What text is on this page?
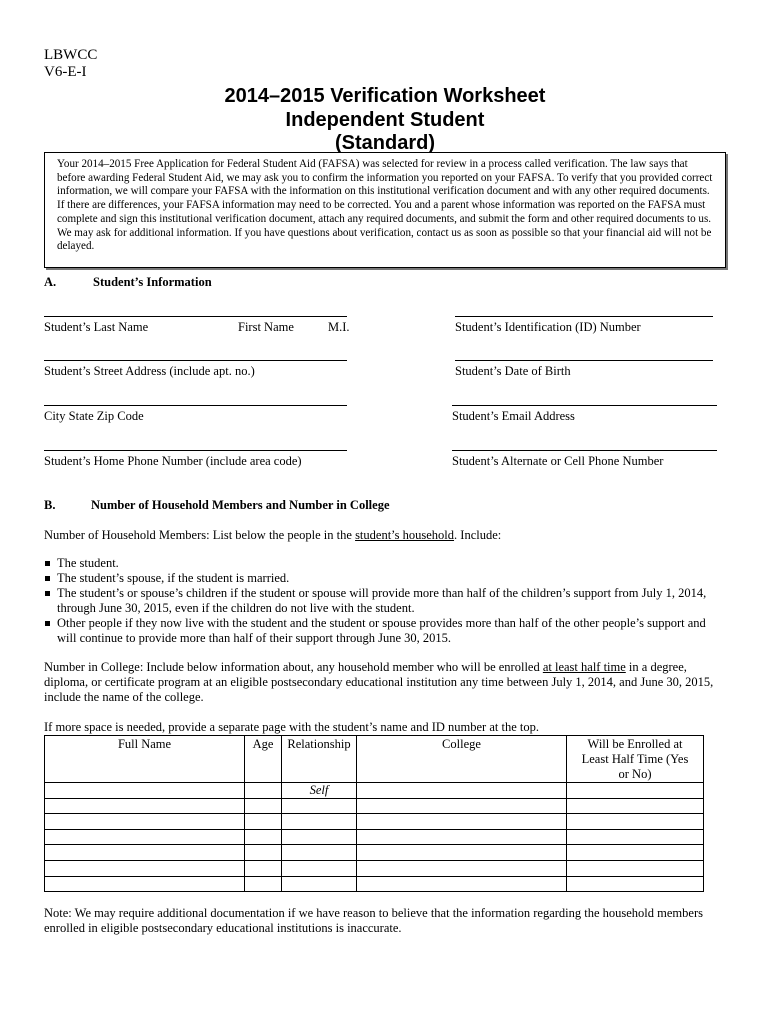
LBWCC
V6-E-I
2014–2015 Verification Worksheet
Independent Student
(Standard)
Your 2014–2015 Free Application for Federal Student Aid (FAFSA) was selected for review in a process called verification. The law says that before awarding Federal Student Aid, we may ask you to confirm the information you reported on your FAFSA. To verify that you provided correct information, we will compare your FAFSA with the information on this institutional verification document and with any other required documents. If there are differences, your FAFSA information may need to be corrected. You and a parent whose information was reported on the FAFSA must complete and sign this institutional verification document, attach any required documents, and submit the form and other required documents to us. We may ask for additional information. If you have questions about verification, contact us as soon as possible so that your financial aid will not be delayed.
A.	Student’s Information
Student’s Last Name	First Name	M.I.	Student’s Identification (ID) Number
Student’s Street Address (include apt. no.)	Student’s Date of Birth
City State Zip Code	Student’s Email Address
Student’s Home Phone Number (include area code)	Student’s Alternate or Cell Phone Number
B.	Number of Household Members and Number in College
Number of Household Members: List below the people in the student’s household. Include:
The student.
The student’s spouse, if the student is married.
The student’s or spouse’s children if the student or spouse will provide more than half of the children’s support from July 1, 2014, through June 30, 2015, even if the children do not live with the student.
Other people if they now live with the student and the student or spouse provides more than half of the other people’s support and will continue to provide more than half of their support through June 30, 2015.
Number in College: Include below information about, any household member who will be enrolled at least half time in a degree, diploma, or certificate program at an eligible postsecondary educational institution any time between July 1, 2014, and June 30, 2015, include the name of the college.
If more space is needed, provide a separate page with the student’s name and ID number at the top.
Full Name	Age	Relationship	College	Will be Enrolled at Least Half Time (Yes or No)
		Self		

Note: We may require additional documentation if we have reason to believe that the information regarding the household members enrolled in eligible postsecondary educational institutions is inaccurate.
